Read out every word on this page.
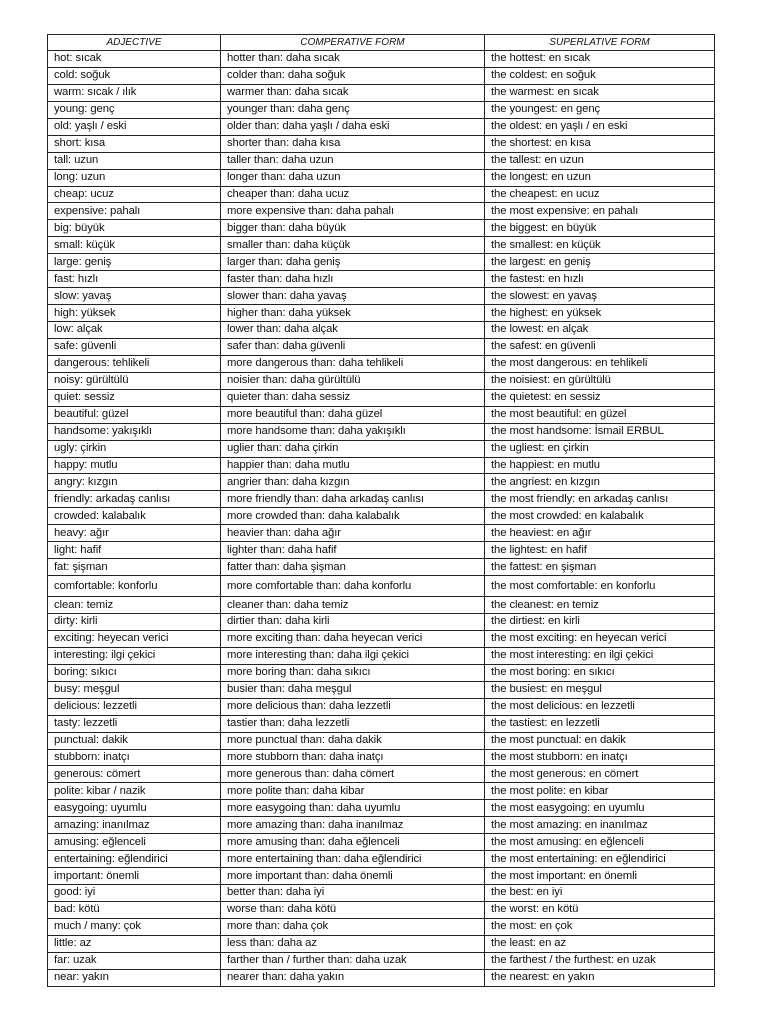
ADJECTIVE	COMPERATIVE FORM	SUPERLATIVE FORM
hot: sıcak	hotter than: daha sıcak	the hottest: en sıcak
cold: soğuk	colder than: daha soğuk	the coldest: en soğuk
warm: sıcak / ılık	warmer than: daha sıcak	the warmest: en sıcak
young: genç	younger than: daha genç	the youngest: en genç
old: yaşlı / eski	older than: daha yaşlı / daha eski	the oldest: en yaşlı / en eski
short: kısa	shorter than: daha kısa	the shortest: en kısa
tall: uzun	taller than: daha uzun	the tallest: en uzun
long: uzun	longer than: daha uzun	the longest: en uzun
cheap: ucuz	cheaper than: daha ucuz	the cheapest: en ucuz
expensive: pahalı	more expensive than: daha pahalı	the most expensive: en pahalı
big: büyük	bigger than: daha büyük	the biggest: en büyük
small: küçük	smaller than: daha küçük	the smallest: en küçük
large: geniş	larger than: daha geniş	the largest: en geniş
fast: hızlı	faster than: daha hızlı	the fastest: en hızlı
slow: yavaş	slower than: daha yavaş	the slowest: en yavaş
high: yüksek	higher than: daha yüksek	the highest: en yüksek
low: alçak	lower than: daha alçak	the lowest: en alçak
safe: güvenli	safer than: daha güvenli	the safest: en güvenli
dangerous: tehlikeli	more dangerous than: daha tehlikeli	the most dangerous: en tehlikeli
noisy: gürültülü	noisier than: daha gürültülü	the noisiest: en gürültülü
quiet: sessiz	quieter than: daha sessiz	the quietest: en sessiz
beautiful: güzel	more beautiful than: daha güzel	the most beautiful: en güzel
handsome: yakışıklı	more handsome than: daha yakışıklı	the most handsome: İsmail ERBUL
ugly: çirkin	uglier than: daha çirkin	the ugliest: en çirkin
happy: mutlu	happier than: daha mutlu	the happiest: en mutlu
angry: kızgın	angrier than: daha kızgın	the angriest: en kızgın
friendly: arkadaş canlısı	more friendly than: daha arkadaş canlısı	the most friendly: en arkadaş canlısı
crowded: kalabalık	more crowded than: daha kalabalık	the most crowded: en kalabalık
heavy: ağır	heavier than: daha ağır	the heaviest: en ağır
light: hafif	lighter than: daha hafif	the lightest: en hafif
fat: şişman	fatter than: daha şişman	the fattest: en şişman
comfortable: konforlu	more comfortable than: daha konforlu	the most comfortable: en konforlu
clean: temiz	cleaner than: daha temiz	the cleanest: en temiz
dirty: kirli	dirtier than: daha kirli	the dirtiest: en kirli
exciting: heyecan verici	more exciting than: daha heyecan verici	the most exciting: en heyecan verici
interesting: ilgi çekici	more interesting than: daha ilgi çekici	the most interesting: en ilgi çekici
boring: sıkıcı	more boring than: daha sıkıcı	the most boring: en sıkıcı
busy: meşgul	busier than: daha meşgul	the busiest: en meşgul
delicious: lezzetli	more delicious than: daha lezzetli	the most delicious: en lezzetli
tasty: lezzetli	tastier than: daha lezzetli	the tastiest: en lezzetli
punctual: dakik	more punctual than: daha dakik	the most punctual: en dakik
stubborn: inatçı	more stubborn than: daha inatçı	the most stubborn: en inatçı
generous: cömert	more generous than: daha cömert	the most generous: en cömert
polite: kibar / nazik	more polite than: daha kibar	the most polite: en kibar
easygoing: uyumlu	more easygoing than: daha uyumlu	the most easygoing: en uyumlu
amazing: inanılmaz	more amazing than: daha inanılmaz	the most amazing: en inanılmaz
amusing: eğlenceli	more amusing than: daha eğlenceli	the most amusing: en eğlenceli
entertaining: eğlendirici	more entertaining than: daha eğlendirici	the most entertaining: en eğlendirici
important: önemli	more important than: daha önemli	the most important: en önemli
good: iyi	better than: daha iyi	the best: en iyi
bad: kötü	worse than: daha kötü	the worst: en kötü
much / many: çok	more than: daha çok	the most: en çok
little: az	less than: daha az	the least: en az
far: uzak	farther than / further than: daha uzak	the farthest / the furthest: en uzak
near: yakın	nearer than: daha yakın	the nearest: en yakın
